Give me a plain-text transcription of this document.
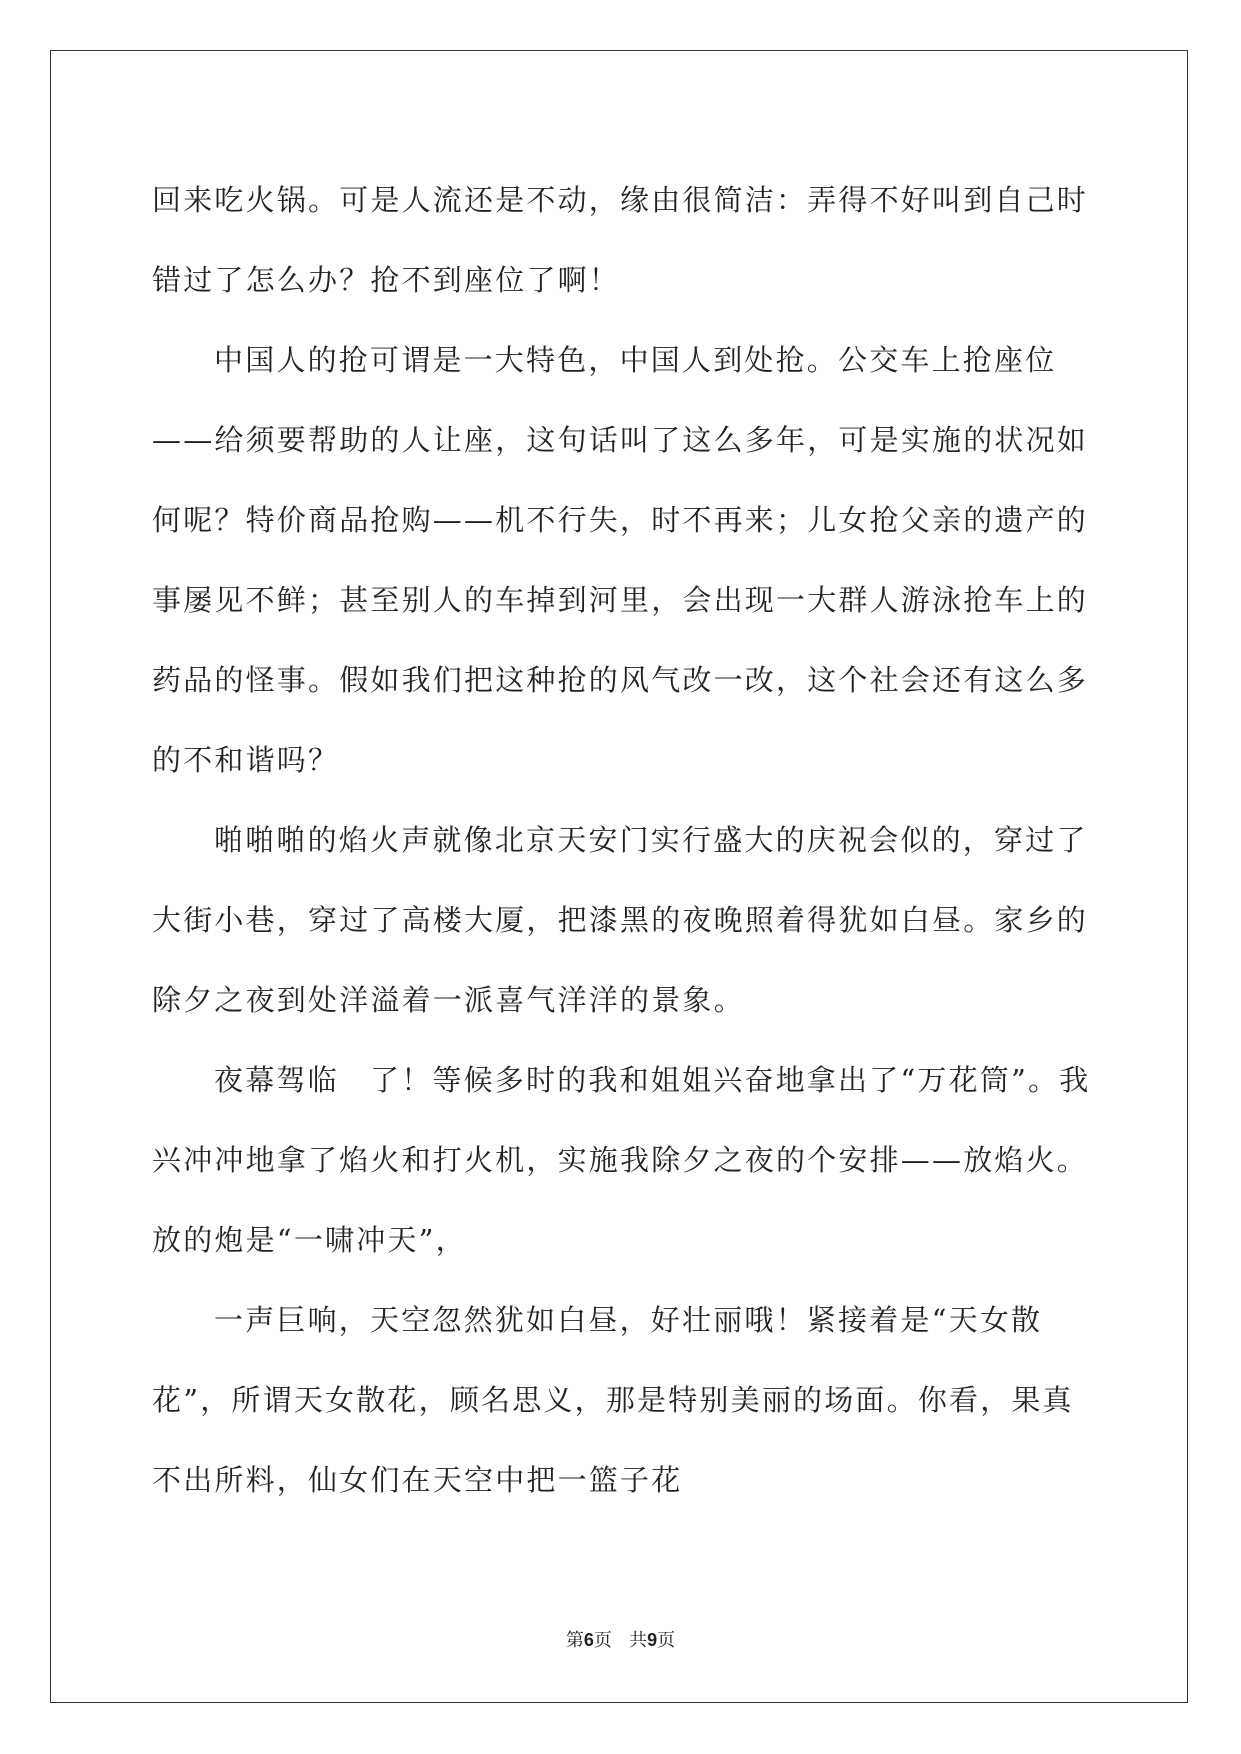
回来吃火锅。可是人流还是不动，缘由很简洁：弄得不好叫到自己时错过了怎么办？抢不到座位了啊！

中国人的抢可谓是一大特色，中国人到处抢。公交车上抢座位——给须要帮助的人让座，这句话叫了这么多年，可是实施的状况如何呢？特价商品抢购——机不行失，时不再来；儿女抢父亲的遗产的事屡见不鲜；甚至别人的车掉到河里，会出现一大群人游泳抢车上的药品的怪事。假如我们把这种抢的风气改一改，这个社会还有这么多的不和谐吗？

啪啪啪的焰火声就像北京天安门实行盛大的庆祝会似的，穿过了大街小巷，穿过了高楼大厦，把漆黑的夜晚照着得犹如白昼。家乡的除夕之夜到处洋溢着一派喜气洋洋的景象。

夜幕驾临　了！等候多时的我和姐姐兴奋地拿出了“万花筒”。我兴冲冲地拿了焰火和打火机，实施我除夕之夜的个安排——放焰火。放的炮是“一啸冲天”，

一声巨响，天空忽然犹如白昼，好壮丽哦！紧接着是“天女散花”，所谓天女散花，顾名思义，那是特别美丽的场面。你看，果真不出所料，仙女们在天空中把一篮子花

第6页   共9页
